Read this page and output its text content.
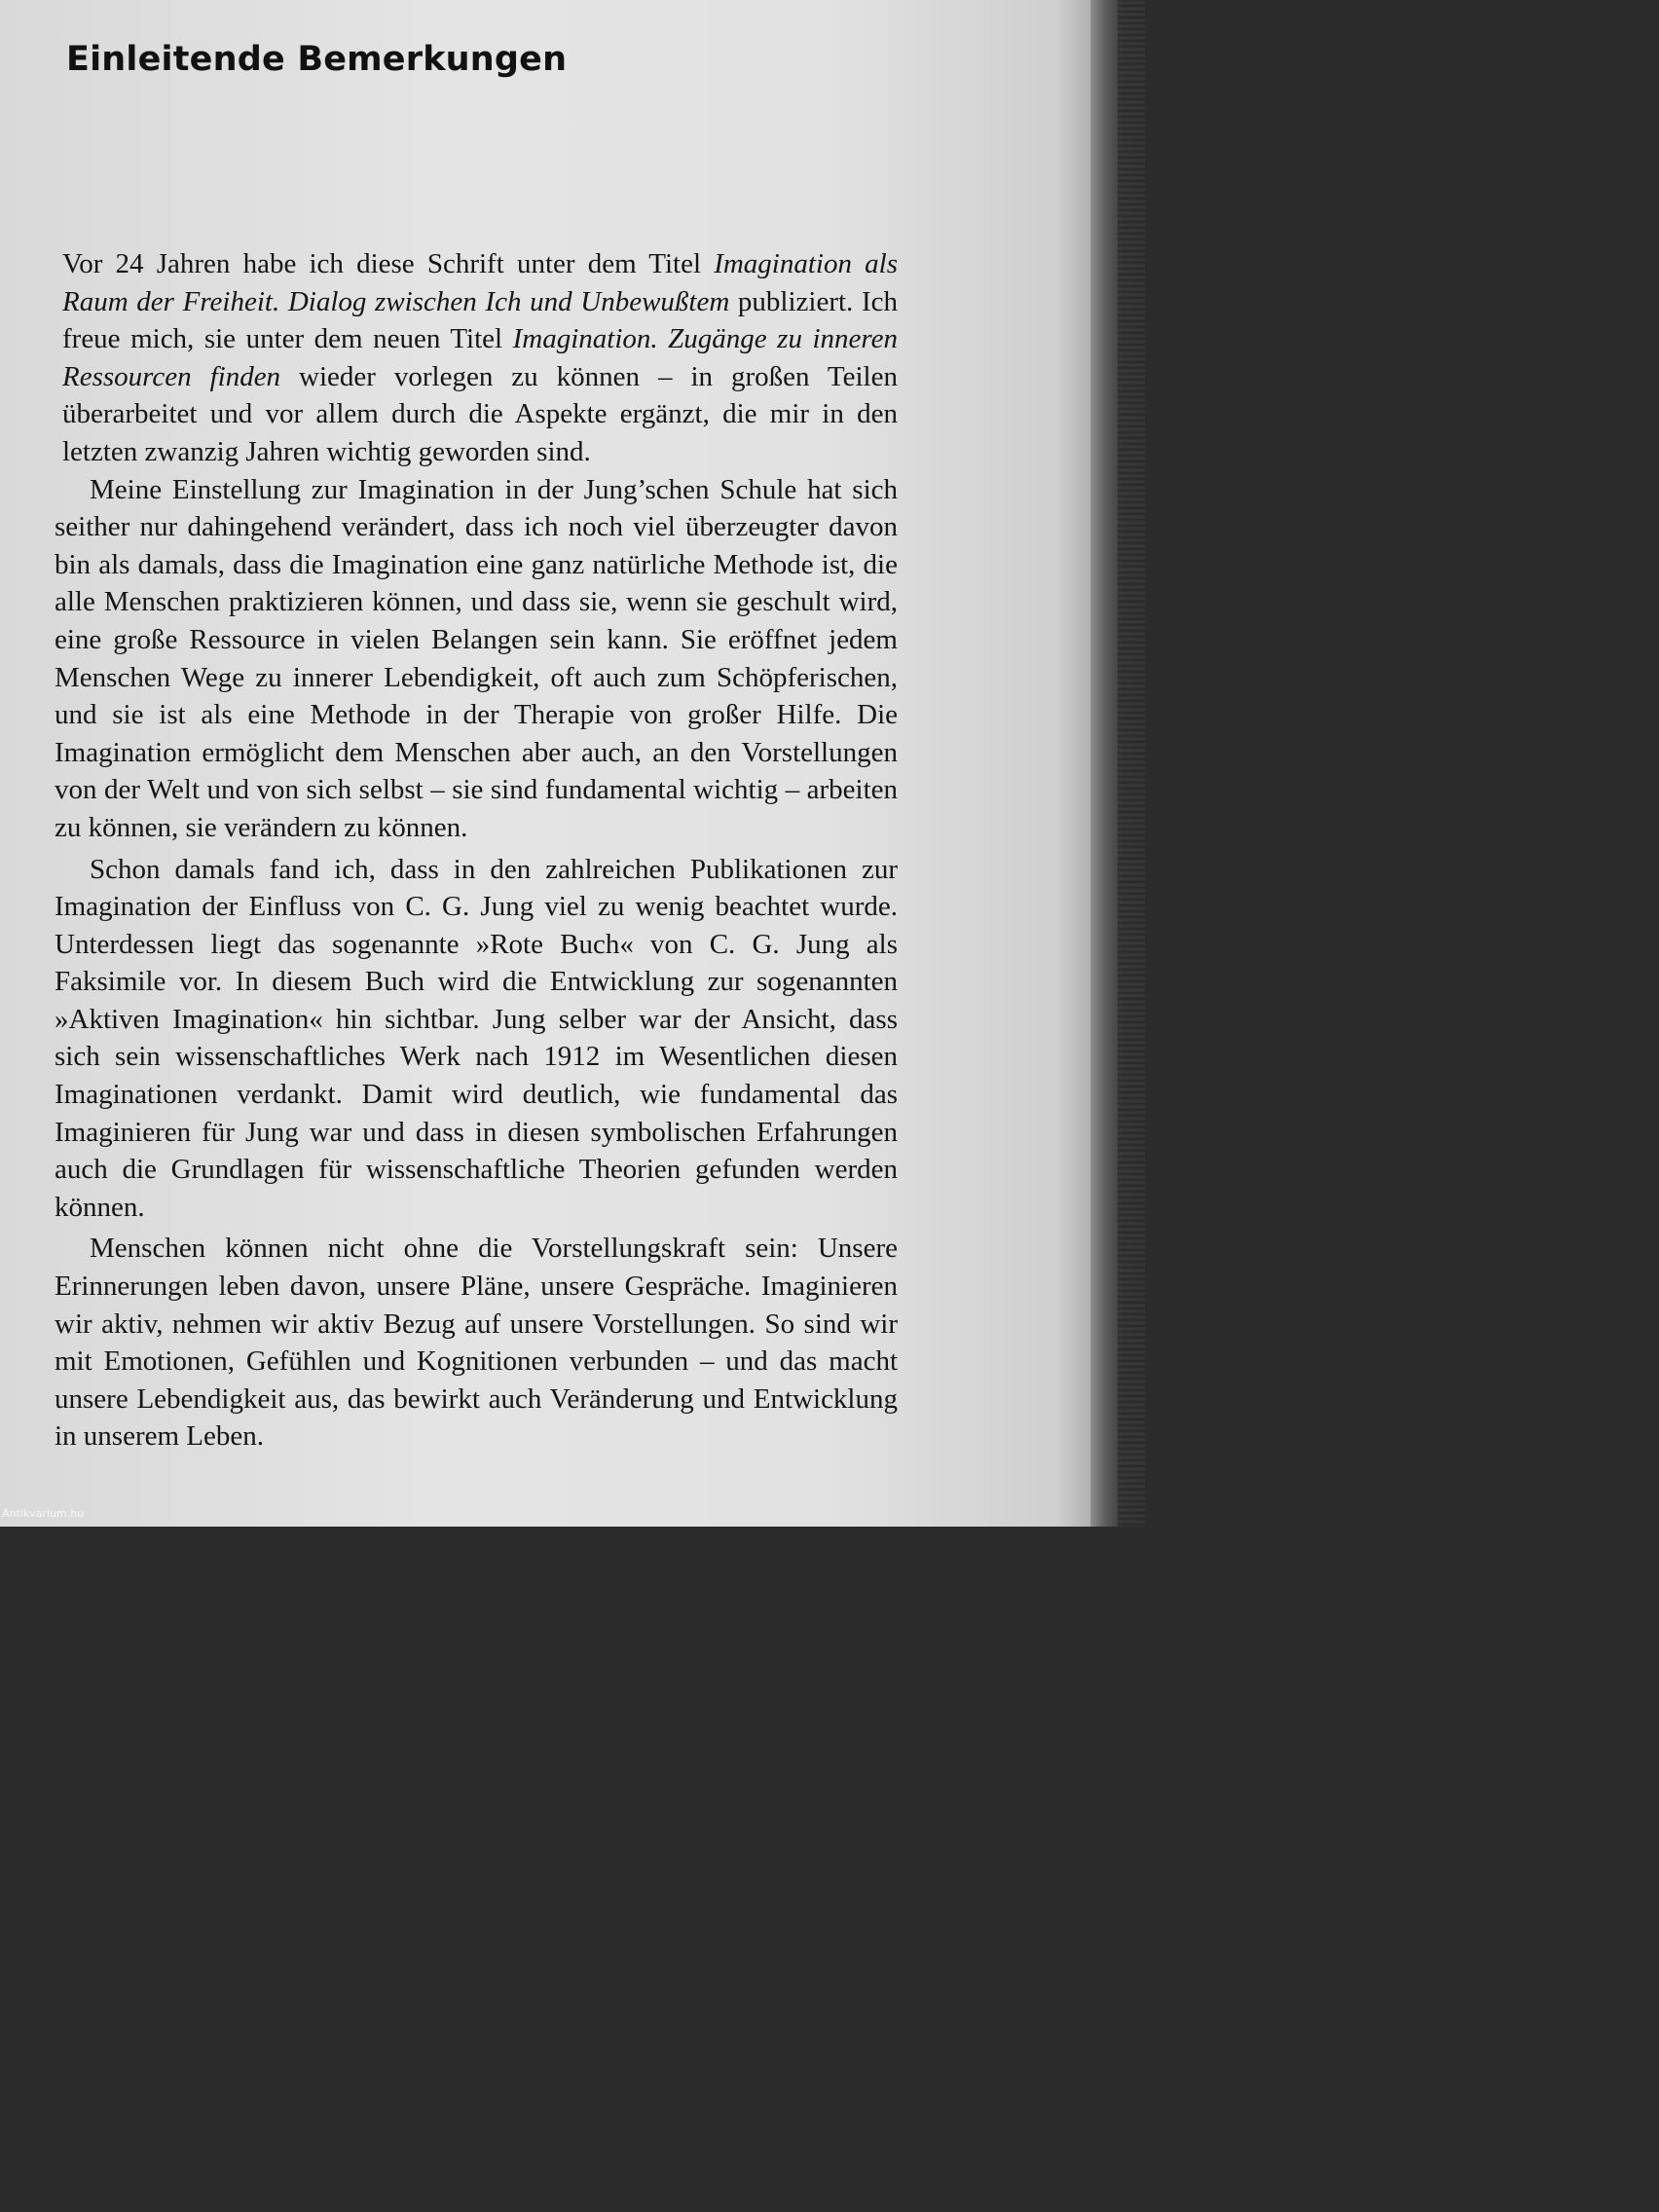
Einleitende Bemerkungen

Vor 24 Jahren habe ich diese Schrift unter dem Titel Imagination als Raum der Freiheit. Dialog zwischen Ich und Unbewußtem publiziert. Ich freue mich, sie unter dem neuen Titel Imagination. Zugänge zu inneren Ressourcen finden wieder vorlegen zu können – in großen Teilen überarbeitet und vor allem durch die Aspekte ergänzt, die mir in den letzten zwanzig Jahren wichtig geworden sind.

Meine Einstellung zur Imagination in der Jung’schen Schule hat sich seither nur dahingehend verändert, dass ich noch viel überzeugter davon bin als damals, dass die Imagination eine ganz natürliche Methode ist, die alle Menschen praktizieren können, und dass sie, wenn sie geschult wird, eine große Ressource in vielen Belangen sein kann. Sie eröffnet jedem Menschen Wege zu innerer Lebendigkeit, oft auch zum Schöpferischen, und sie ist als eine Methode in der Therapie von großer Hilfe. Die Imagination ermöglicht dem Menschen aber auch, an den Vorstellungen von der Welt und von sich selbst – sie sind fundamental wichtig – arbeiten zu können, sie verändern zu können.

Schon damals fand ich, dass in den zahlreichen Publikationen zur Imagination der Einfluss von C. G. Jung viel zu wenig beachtet wurde. Unterdessen liegt das sogenannte »Rote Buch« von C. G. Jung als Faksimile vor. In diesem Buch wird die Entwicklung zur sogenannten »Aktiven Imagination« hin sichtbar. Jung selber war der Ansicht, dass sich sein wissenschaftliches Werk nach 1912 im Wesentlichen diesen Imaginationen verdankt. Damit wird deutlich, wie fundamental das Imaginieren für Jung war und dass in diesen symbolischen Erfahrungen auch die Grundlagen für wissenschaftliche Theorien gefunden werden können.

Menschen können nicht ohne die Vorstellungskraft sein: Unsere Erinnerungen leben davon, unsere Pläne, unsere Gespräche. Imaginieren wir aktiv, nehmen wir aktiv Bezug auf unsere Vorstellungen. So sind wir mit Emotionen, Gefühlen und Kognitionen verbunden – und das macht unsere Lebendigkeit aus, das bewirkt auch Veränderung und Entwicklung in unserem Leben.

Antikvarium.hu
